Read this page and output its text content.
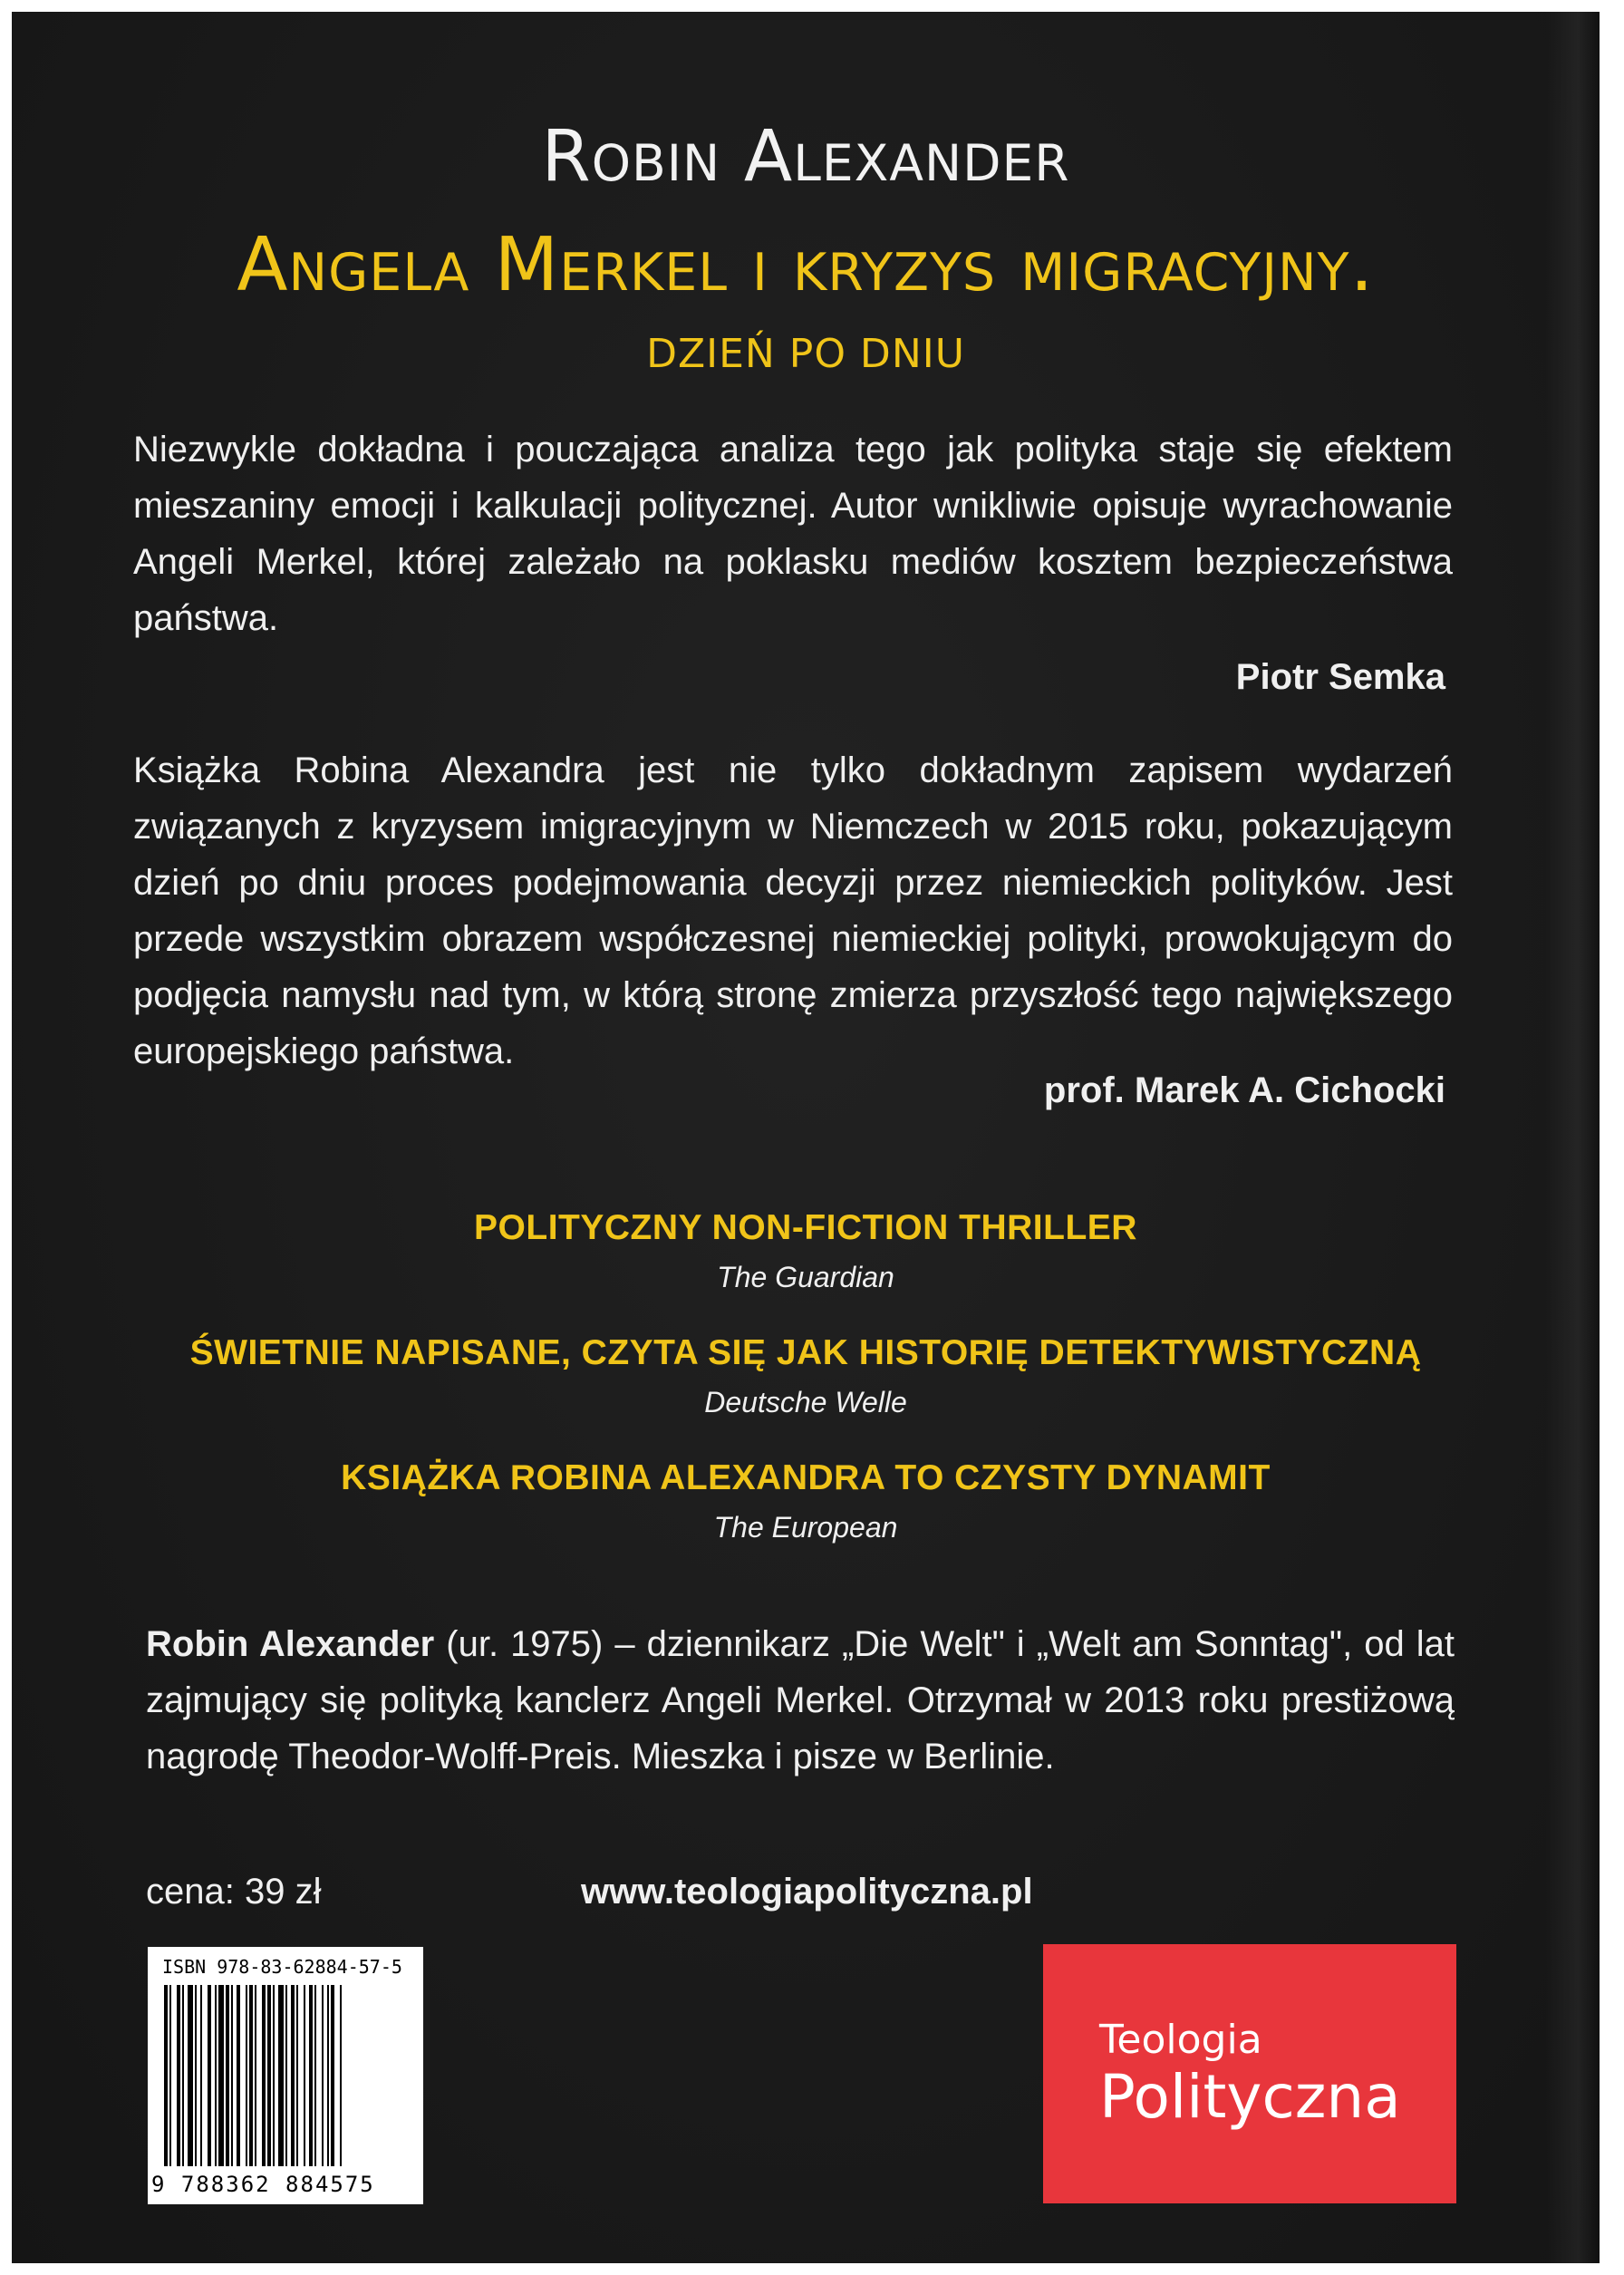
Robin Alexander
Angela Merkel i kryzys migracyjny.
DZIEŃ PO DNIU

Niezwykle dokładna i pouczająca analiza tego jak polityka staje się efektem mieszaniny emocji i kalkulacji politycznej. Autor wnikliwie opisuje wyrachowanie Angeli Merkel, której zależało na poklasku mediów kosztem bezpieczeństwa państwa.

Piotr Semka

Książka Robina Alexandra jest nie tylko dokładnym zapisem wydarzeń związanych z kryzysem imigracyjnym w Niemczech w 2015 roku, pokazującym dzień po dniu proces podejmowania decyzji przez niemieckich polityków. Jest przede wszystkim obrazem współczesnej niemieckiej polityki, prowokującym do podjęcia namysłu nad tym, w którą stronę zmierza przyszłość tego największego europejskiego państwa.

prof. Marek A. Cichocki
POLITYCZNY NON-FICTION THRILLER
The Guardian
ŚWIETNIE NAPISANE, CZYTA SIĘ JAK HISTORIĘ DETEKTYWISTYCZNĄ
Deutsche Welle
KSIĄŻKA ROBINA ALEXANDRA TO CZYSTY DYNAMIT
The European

Robin Alexander (ur. 1975) – dziennikarz „Die Welt" i „Welt am Sonntag", od lat zajmujący się polityką kanclerz Angeli Merkel. Otrzymał w 2013 roku prestiżową nagrodę Theodor-Wolff-Preis. Mieszka i pisze w Berlinie.

cena: 39 zł	www.teologiapolityczna.pl
ISBN 978-83-62884-57-5
9 788362 884575
Teologia
Polityczna
